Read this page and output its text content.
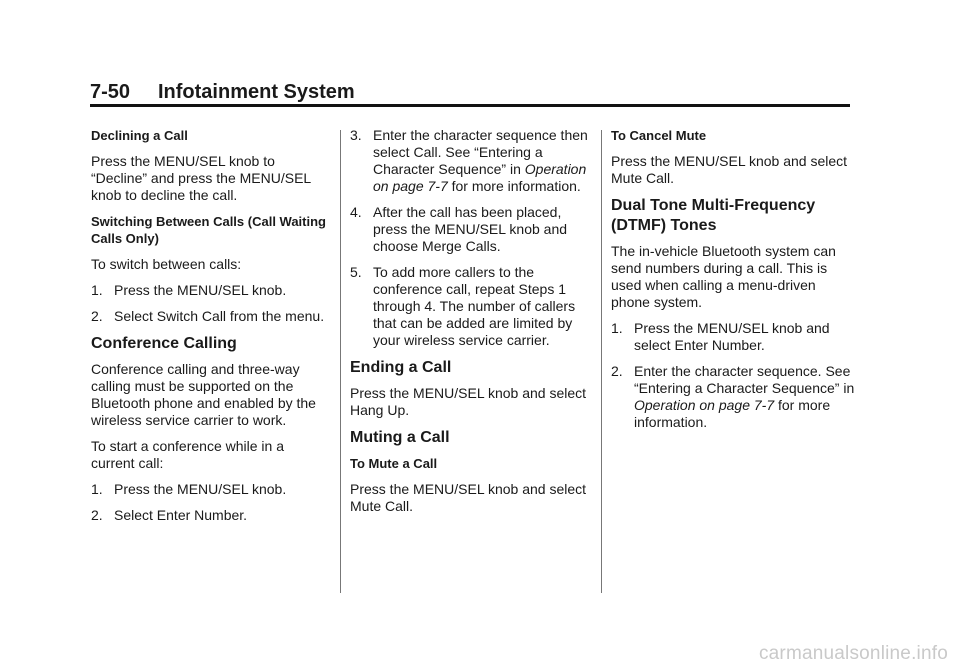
7-50 Infotainment System
Declining a Call

Press the MENU/SEL knob to “Decline” and press the MENU/SEL knob to decline the call.

Switching Between Calls (Call Waiting Calls Only)

To switch between calls:

1. Press the MENU/SEL knob.
2. Select Switch Call from the menu.
Conference Calling

Conference calling and three-way calling must be supported on the Bluetooth phone and enabled by the wireless service carrier to work.

To start a conference while in a current call:

1. Press the MENU/SEL knob.
2. Select Enter Number.
3. Enter the character sequence then select Call. See “Entering a Character Sequence” in Operation on page 7-7 for more information.
4. After the call has been placed, press the MENU/SEL knob and choose Merge Calls.
5. To add more callers to the conference call, repeat Steps 1 through 4. The number of callers that can be added are limited by your wireless service carrier.
Ending a Call

Press the MENU/SEL knob and select Hang Up.

Muting a Call
To Mute a Call

Press the MENU/SEL knob and select Mute Call.

To Cancel Mute

Press the MENU/SEL knob and select Mute Call.

Dual Tone Multi-Frequency (DTMF) Tones

The in-vehicle Bluetooth system can send numbers during a call. This is used when calling a menu-driven phone system.

1. Press the MENU/SEL knob and select Enter Number.
2. Enter the character sequence. See “Entering a Character Sequence” in Operation on page 7-7 for more information.
carmanualsonline.info
